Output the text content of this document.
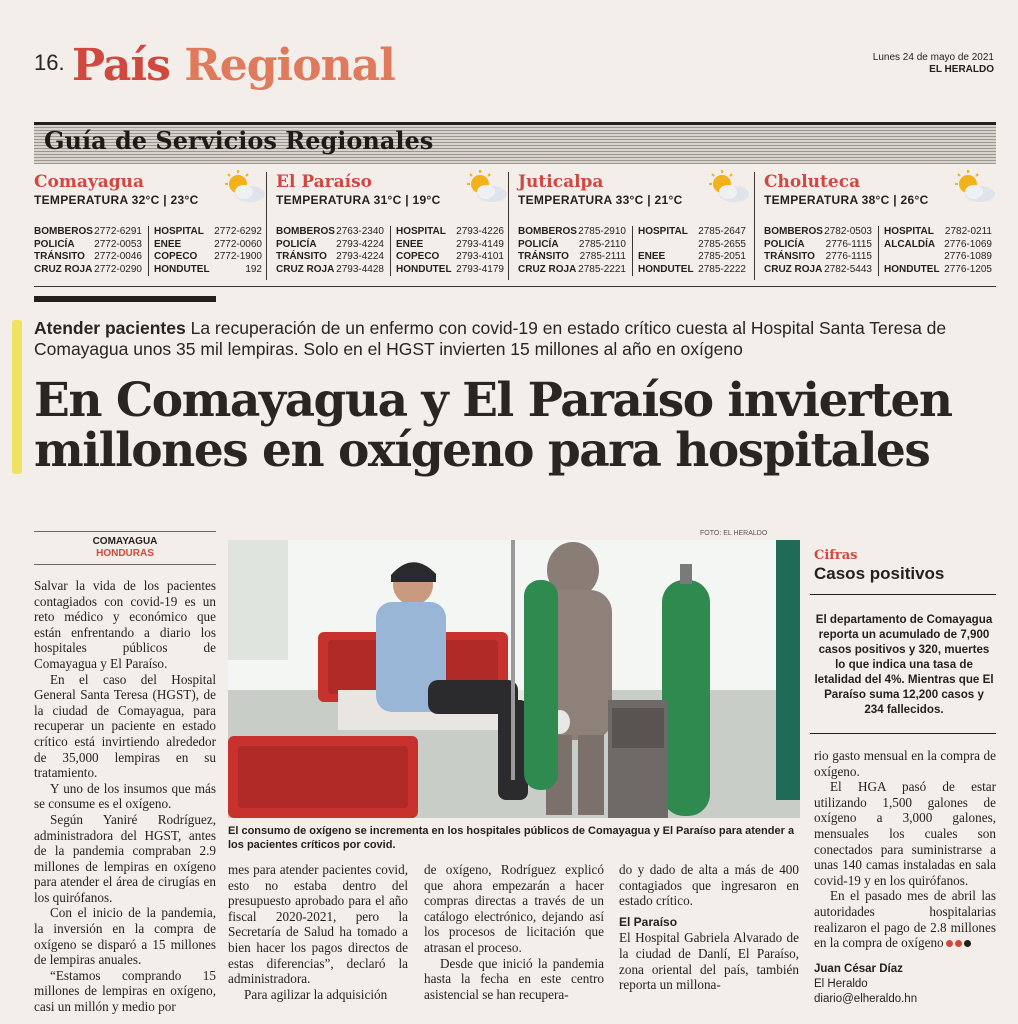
16. País Regional	Lunes 24 de mayo de 2021
EL HERALDO
Guía de Servicios Regionales
Comayagua
TEMPERATURA 32°C | 23°C
BOMBEROS 2772-6291
POLICÍA 2772-0053
TRÁNSITO 2772-0046
CRUZ ROJA 2772-0290
HOSPITAL 2772-6292
ENEE	2772-0060
COPECO 2772-1900
HONDUTEL	192
El Paraíso
TEMPERATURA 31°C | 19°C
BOMBEROS 2763-2340
POLICÍA 2793-4224
TRÁNSITO 2793-4224
CRUZ ROJA 2793-4428
HOSPITAL 2793-4226
ENEE	2793-4149
COPECO 2793-4101
HONDUTEL 2793-4179
Juticalpa
TEMPERATURA 33°C | 21°C
BOMBEROS 2785-2910
POLICÍA 2785-2110
TRÁNSITO 2785-2111
CRUZ ROJA 2785-2221
HOSPITAL 2785-2647
2785-2655
ENEE	2785-2051
HONDUTEL 2785-2222
Choluteca
TEMPERATURA 38°C | 26°C
BOMBEROS 2782-0503
POLICÍA 2776-1115
TRÁNSITO 2776-1115
CRUZ ROJA 2782-5443
HOSPITAL 2782-0211
ALCALDÍA 2776-1069
2776-1089
HONDUTEL 2776-1205
Atender pacientes La recuperación de un enfermo con covid-19 en estado crítico cuesta al Hospital Santa Teresa de Comayagua unos 35 mil lempiras. Solo en el HGST invierten 15 millones al año en oxígeno
En Comayagua y El Paraíso invierten millones en oxígeno para hospitales
COMAYAGUA
HONDURAS

Salvar la vida de los pacientes contagiados con covid-19 es un reto médico y económico que están enfrentando a diario los hospitales públicos de Comayagua y El Paraíso.

En el caso del Hospital General Santa Teresa (HGST), de la ciudad de Comayagua, para recuperar un paciente en estado crítico está invirtiendo alrededor de 35,000 lempiras en su tratamiento.

Y uno de los insumos que más se consume es el oxígeno.

Según Yaniré Rodríguez, administradora del HGST, antes de la pandemia compraban 2.9 millones de lempiras en oxígeno para atender el área de cirugías en los quirófanos.

Con el inicio de la pandemia, la inversión en la compra de oxígeno se disparó a 15 millones de lempiras anuales.

“Estamos comprando 15 millones de lempiras en oxígeno, casi un millón y medio por

FOTO: EL HERALDO
El consumo de oxígeno se incrementa en los hospitales públicos de Comayagua y El Paraíso para atender a los pacientes críticos por covid.

mes para atender pacientes covid, esto no estaba dentro del presupuesto aprobado para el año fiscal 2020-2021, pero la Secretaría de Salud ha tomado a bien hacer los pagos directos de estas diferencias”, declaró la administradora.

Para agilizar la adquisición

de oxígeno, Rodríguez explicó que ahora empezarán a hacer compras directas a través de un catálogo electrónico, dejando así los procesos de licitación que atrasan el proceso.

Desde que inició la pandemia hasta la fecha en este centro asistencial se han recupera-

do y dado de alta a más de 400 contagiados que ingresaron en estado crítico.

El Paraíso

El Hospital Gabriela Alvarado de la ciudad de Danlí, El Paraíso, zona oriental del país, también reporta un millona-

Cifras
Casos positivos
El departamento de Comayagua reporta un acumulado de 7,900 casos positivos y 320, muertes lo que indica una tasa de letalidad del 4%. Mientras que El Paraíso suma 12,200 casos y 234 fallecidos.

rio gasto mensual en la compra de oxígeno.

El HGA pasó de estar utilizando 1,500 galones de oxígeno a 3,000 galones, mensuales los cuales son conectados para suministrarse a unas 140 camas instaladas en sala covid-19 y en los quirófanos.

En el pasado mes de abril las autoridades hospitalarias realizaron el pago de 2.8 millones en la compra de oxígeno

Juan César Díaz
El Heraldo
diario@elheraldo.hn
